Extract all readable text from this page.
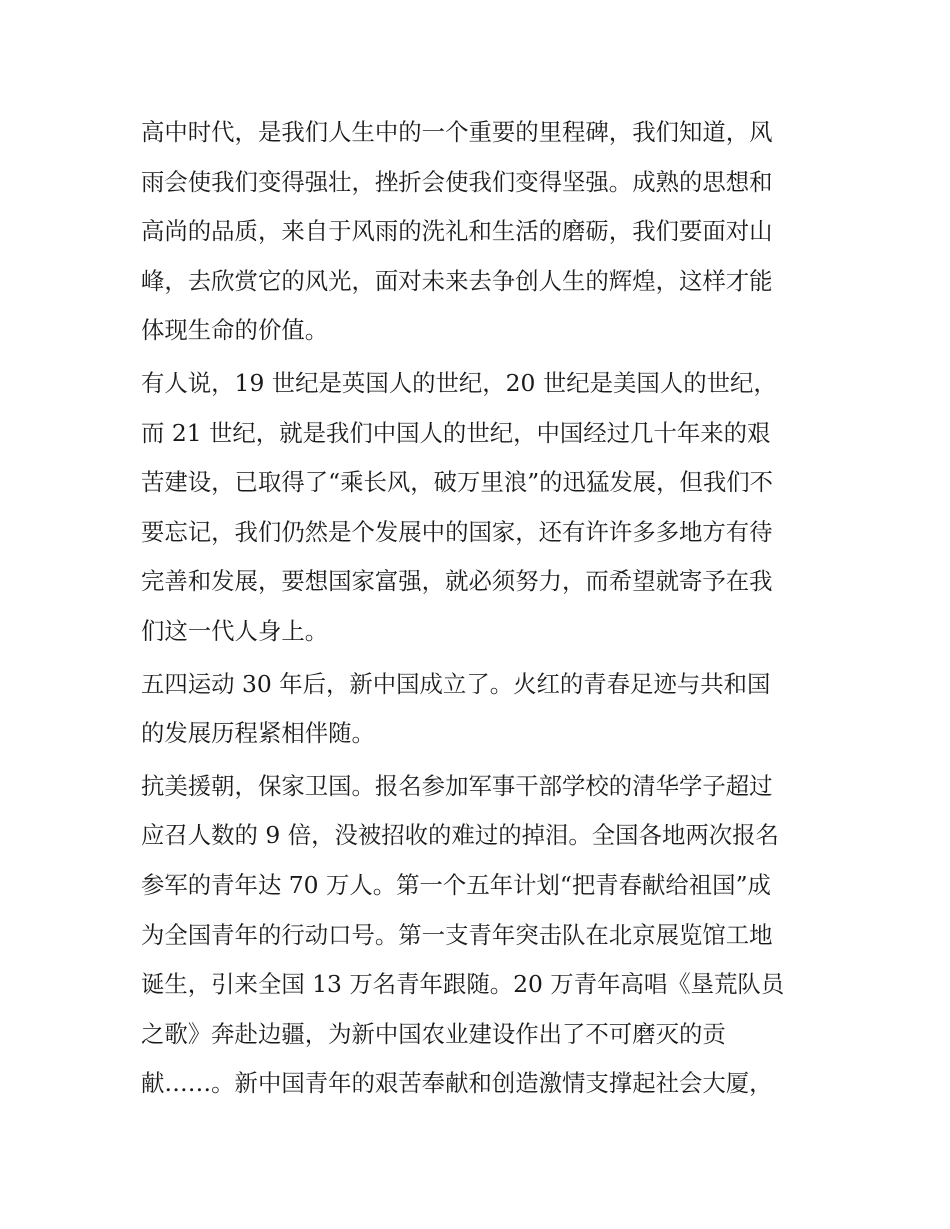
高中时代，是我们人生中的一个重要的里程碑，我们知道，风
雨会使我们变得强壮，挫折会使我们变得坚强。成熟的思想和
高尚的品质，来自于风雨的洗礼和生活的磨砺，我们要面对山
峰，去欣赏它的风光，面对未来去争创人生的辉煌，这样才能
体现生命的价值。

有人说，19 世纪是英国人的世纪，20 世纪是美国人的世纪，
而 21 世纪，就是我们中国人的世纪，中国经过几十年来的艰
苦建设，已取得了“乘长风，破万里浪”的迅猛发展，但我们不
要忘记，我们仍然是个发展中的国家，还有许许多多地方有待
完善和发展，要想国家富强，就必须努力，而希望就寄予在我
们这一代人身上。

五四运动 30 年后，新中国成立了。火红的青春足迹与共和国
的发展历程紧相伴随。

抗美援朝，保家卫国。报名参加军事干部学校的清华学子超过
应召人数的 9 倍，没被招收的难过的掉泪。全国各地两次报名
参军的青年达 70 万人。第一个五年计划“把青春献给祖国”成
为全国青年的行动口号。第一支青年突击队在北京展览馆工地
诞生，引来全国 13 万名青年跟随。20 万青年高唱《垦荒队员
之歌》奔赴边疆，为新中国农业建设作出了不可磨灭的贡
献……。新中国青年的艰苦奉献和创造激情支撑起社会大厦，
